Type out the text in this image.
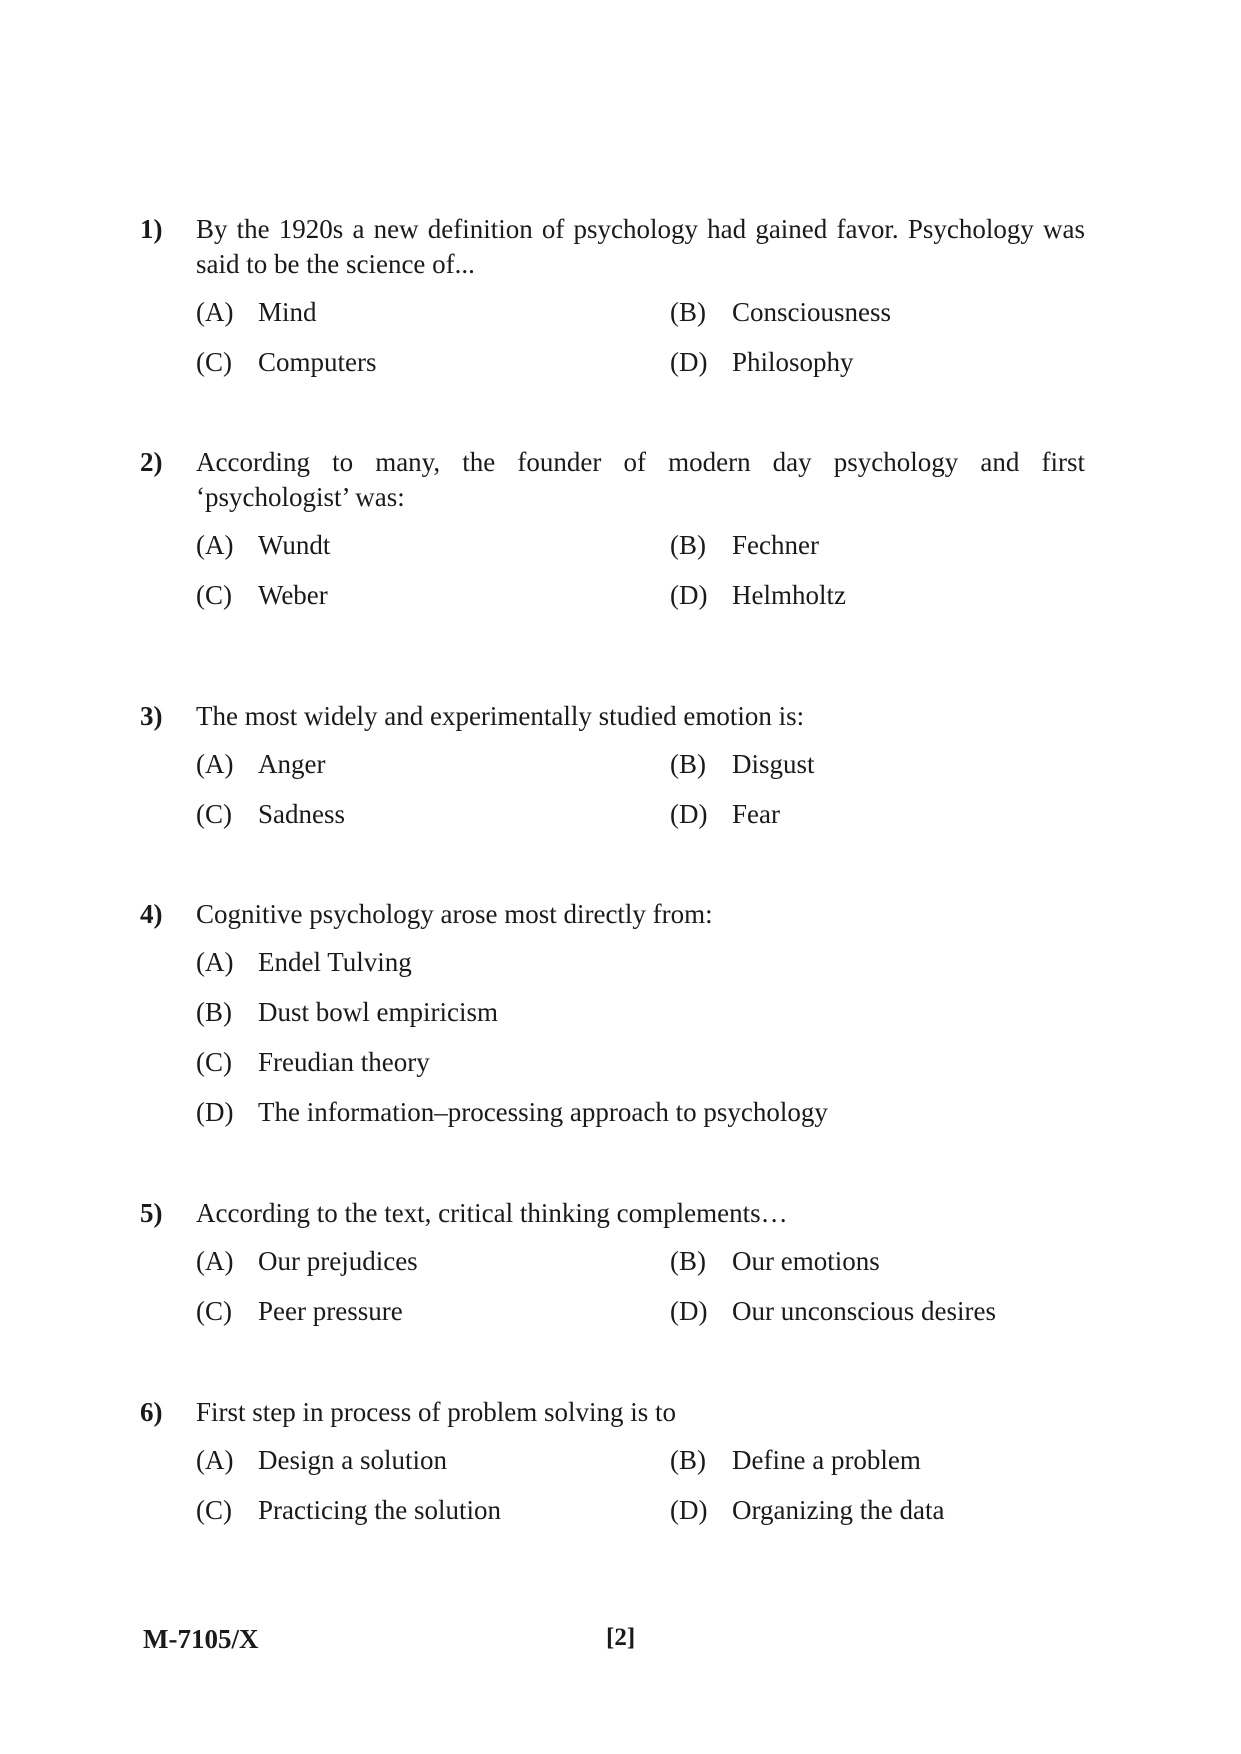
1)	By the 1920s a new definition of psychology had gained favor. Psychology was said to be the science of...
(A) Mind	(B) Consciousness
(C) Computers	(D) Philosophy
2)	According to many, the founder of modern day psychology and first ‘psychologist’ was:
(A) Wundt	(B) Fechner
(C) Weber	(D) Helmholtz
3)	The most widely and experimentally studied emotion is:
(A) Anger	(B) Disgust
(C) Sadness	(D) Fear
4)	Cognitive psychology arose most directly from:
(A) Endel Tulving
(B) Dust bowl empiricism
(C) Freudian theory
(D) The information–processing approach to psychology
5)	According to the text, critical thinking complements…
(A) Our prejudices	(B) Our emotions
(C) Peer pressure	(D) Our unconscious desires
6)	First step in process of problem solving is to
(A) Design a solution	(B) Define a problem
(C) Practicing the solution	(D) Organizing the data
M-7105/X	[2]
